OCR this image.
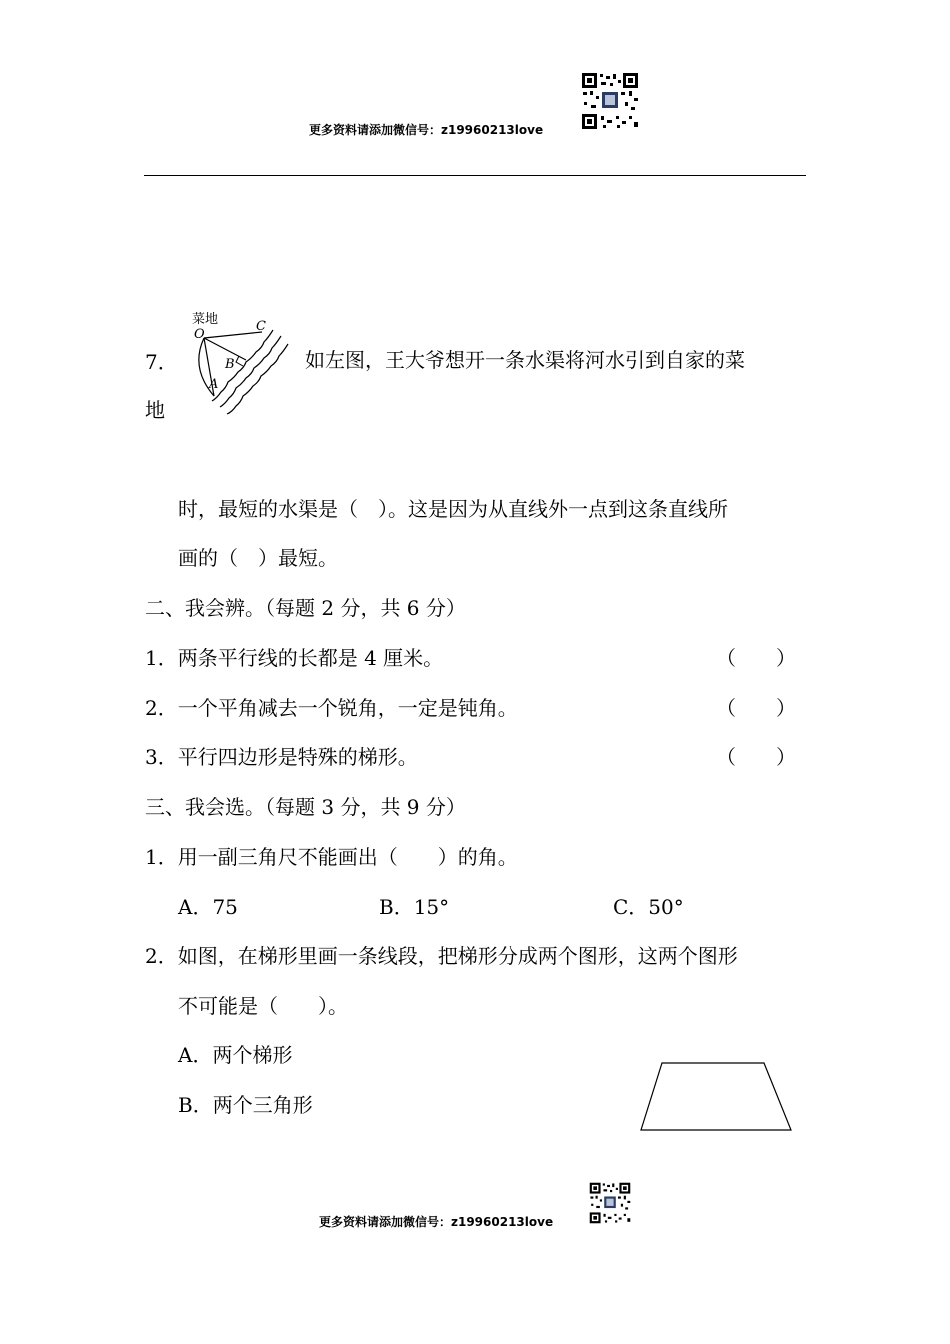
更多资料请添加微信号：z19960213love
7．
菜地
O
C
B
A
如左图，王大爷想开一条水渠将河水引到自家的菜
地
时，最短的水渠是（　）。这是因为从直线外一点到这条直线所
画的（　）最短。
二、我会辨。（每题 2 分，共 6 分）
1．两条平行线的长都是 4 厘米。	（　　）
2．一个平角减去一个锐角，一定是钝角。	（　　）
3．平行四边形是特殊的梯形。	（　　）
三、我会选。（每题 3 分，共 9 分）
1．用一副三角尺不能画出（　　）的角。
A．75	B．15°	C．50°
2．如图，在梯形里画一条线段，把梯形分成两个图形，这两个图形
不可能是（　　）。
A．两个梯形
B．两个三角形
更多资料请添加微信号：z19960213love
